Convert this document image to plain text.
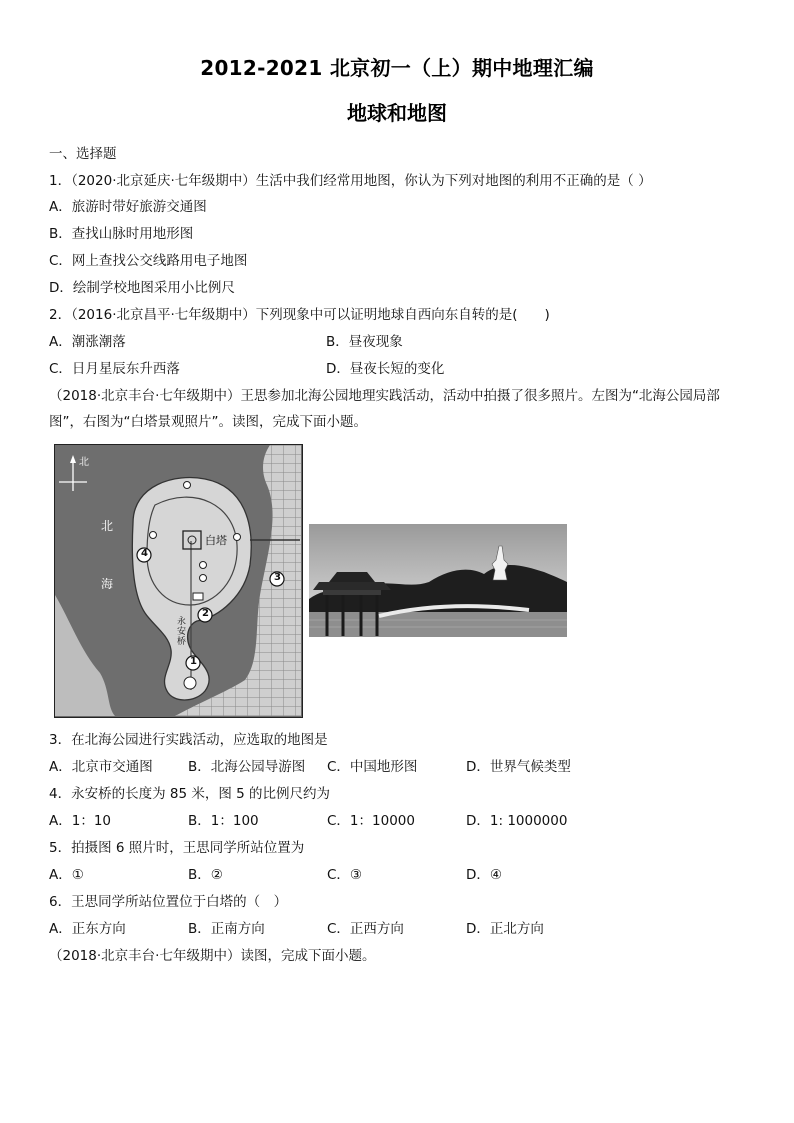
2012-2021 北京初一（上）期中地理汇编
地球和地图
一、选择题
1．（2020·北京延庆·七年级期中）生活中我们经常用地图，你认为下列对地图的利用不正确的是（ ）
A．旅游时带好旅游交通图
B．查找山脉时用地形图
C．网上查找公交线路用电子地图
D．绘制学校地图采用小比例尺
2．（2016·北京昌平·七年级期中）下列现象中可以证明地球自西向东自转的是(　　)
A．潮涨潮落	B．昼夜现象
C．日月星辰东升西落	D．昼夜长短的变化
（2018·北京丰台·七年级期中）王思参加北海公园地理实践活动，活动中拍摄了很多照片。左图为“北海公园局部图”，右图为“白塔景观照片”。读图，完成下面小题。
北
北
海
白塔
永安桥
4
2
3
1
3．在北海公园进行实践活动，应选取的地图是
A．北京市交通图	B．北海公园导游图 C．中国地形图	D．世界气候类型
4．永安桥的长度为 85 米，图 5 的比例尺约为
A．1：10	B．1：100	C．1：10000	D．1: 1000000
5．拍摄图 6 照片时，王思同学所站位置为
A．①	B．②	C．③	D．④
6．王思同学所站位置位于白塔的（　）
A．正东方向	B．正南方向	C．正西方向	D．正北方向
（2018·北京丰台·七年级期中）读图，完成下面小题。
